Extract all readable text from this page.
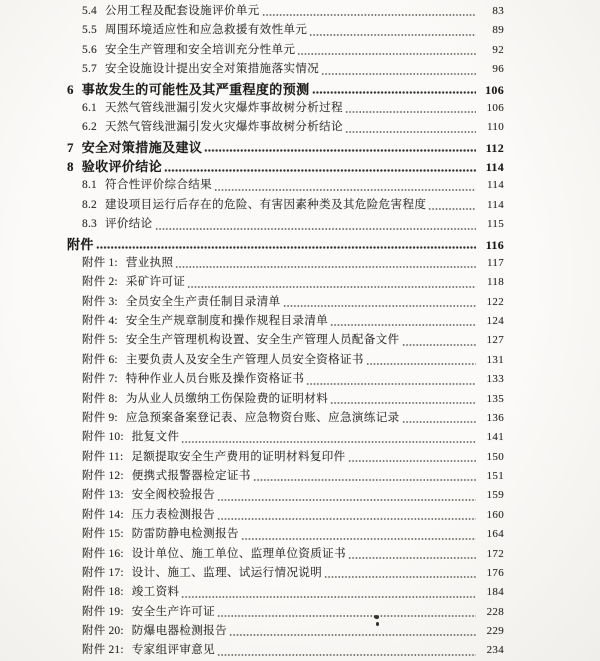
5.4 公用工程及配套设施评价单元	83
5.5 周围环境适应性和应急救援有效性单元	89
5.6 安全生产管理和安全培训充分性单元	92
5.7 安全设施设计提出安全对策措施落实情况	96
6 事故发生的可能性及其严重程度的预测	106
6.1 天然气管线泄漏引发火灾爆炸事故树分析过程	106
6.2 天然气管线泄漏引发火灾爆炸事故树分析结论	110
7 安全对策措施及建议	112
8 验收评价结论	114
8.1 符合性评价综合结果	114
8.2 建设项目运行后存在的危险、有害因素种类及其危险危害程度	114
8.3 评价结论	115
附件	116
附件 1: 营业执照	117
附件 2: 采矿许可证	118
附件 3: 全员安全生产责任制目录清单	122
附件 4: 安全生产规章制度和操作规程目录清单	124
附件 5: 安全生产管理机构设置、安全生产管理人员配备文件	127
附件 6: 主要负责人及安全生产管理人员安全资格证书	131
附件 7: 特种作业人员台账及操作资格证书	133
附件 8: 为从业人员缴纳工伤保险费的证明材料	135
附件 9: 应急预案备案登记表、应急物资台账、应急演练记录	136
附件 10: 批复文件	141
附件 11: 足额提取安全生产费用的证明材料复印件	150
附件 12: 便携式报警器检定证书	151
附件 13: 安全阀校验报告	159
附件 14: 压力表检测报告	160
附件 15: 防雷防静电检测报告	164
附件 16: 设计单位、施工单位、监理单位资质证书	172
附件 17: 设计、施工、监理、试运行情况说明	176
附件 18: 竣工资料	184
附件 19: 安全生产许可证	228
附件 20: 防爆电器检测报告	229
附件 21: 专家组评审意见	234
